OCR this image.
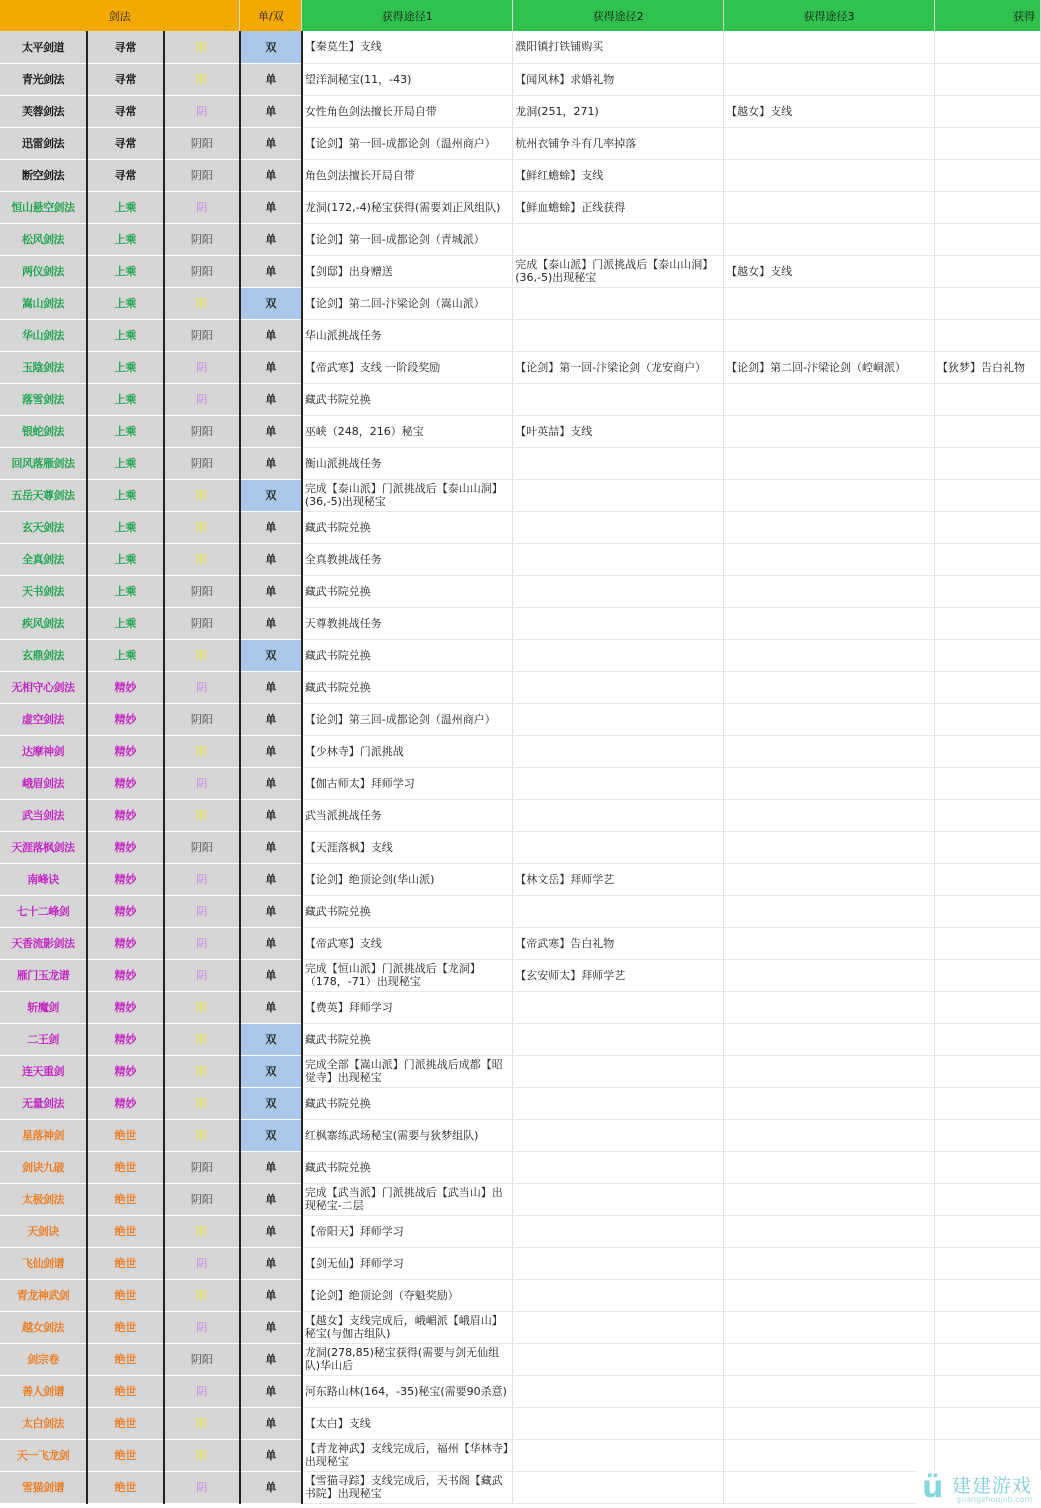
剑法			单/双	获得途径1	获得途径2	获得途径3	获得
太平剑道	寻常	阳	双	【秦莫生】支线	濮阳镇打铁铺购买		
青光剑法	寻常	阳	单	望洋洞秘宝(11，-43)	【闻风林】求婚礼物		
芙蓉剑法	寻常	阴	单	女性角色剑法擅长开局自带	龙洞(251，271)	【越女】支线	
迅雷剑法	寻常	阴阳	单	【论剑】第一回-成都论剑（温州商户）	杭州衣铺争斗有几率掉落		
断空剑法	寻常	阴阳	单	角色剑法擅长开局自带	【鲜红蟾蜍】支线		
恒山悬空剑法	上乘	阴	单	龙洞(172,-4)秘宝获得(需要刘正风组队)	【鲜血蟾蜍】正线获得		
松风剑法	上乘	阴阳	单	【论剑】第一回-成都论剑（青城派）			
两仪剑法	上乘	阴阳	单	【剑邸】出身赠送	完成【泰山派】门派挑战后【泰山山洞】(36,-5)出现秘宝	【越女】支线	
嵩山剑法	上乘	阳	双	【论剑】第二回-汴梁论剑（嵩山派）			
华山剑法	上乘	阴阳	单	华山派挑战任务			
玉陰剑法	上乘	阴	单	【帝武寒】支线 一阶段奖励	【论剑】第一回-汴梁论剑（龙安商户）	【论剑】第二回-汴梁论剑（崆峒派）	【狄梦】告白礼物
落雪剑法	上乘	阴	单	藏武书院兑换			
银蛇剑法	上乘	阴阳	单	巫峡（248，216）秘宝	【叶英喆】支线		
回风落雁剑法	上乘	阴阳	单	衡山派挑战任务			
五岳天尊剑法	上乘	阳	双	完成【泰山派】门派挑战后【泰山山洞】(36,-5)出现秘宝			
玄天剑法	上乘	阳	单	藏武书院兑换			
全真剑法	上乘	阳	单	全真教挑战任务			
天书剑法	上乘	阴阳	单	藏武书院兑换			
疾风剑法	上乘	阴阳	单	天尊教挑战任务			
玄鼎剑法	上乘	阳	双	藏武书院兑换			
无相守心剑法	精妙	阴	单	藏武书院兑换			
虚空剑法	精妙	阴阳	单	【论剑】第三回-成都论剑（温州商户）			
达摩神剑	精妙	阳	单	【少林寺】门派挑战			
峨眉剑法	精妙	阴	单	【伽古师太】拜师学习			
武当剑法	精妙	阳	单	武当派挑战任务			
天涯落枫剑法	精妙	阴阳	单	【天涯落枫】支线			
南峰诀	精妙	阴	单	【论剑】绝顶论剑(华山派)	【林文岳】拜师学艺		
七十二峰剑	精妙	阴	单	藏武书院兑换			
天香流影剑法	精妙	阴	单	【帝武寒】支线	【帝武寒】告白礼物		
雁门玉龙谱	精妙	阴	单	完成【恒山派】门派挑战后【龙洞】（178，-71）出现秘宝	【玄安师太】拜师学艺		
斩魔剑	精妙	阳	单	【费英】拜师学习			
二王剑	精妙	阳	双	藏武书院兑换			
连天重剑	精妙	阳	双	完成全部【嵩山派】门派挑战后成都【昭觉寺】出现秘宝			
无量剑法	精妙	阳	双	藏武书院兑换			
星落神剑	绝世	阳	双	红枫寨练武场秘宝(需要与狄梦组队)			
剑诀九破	绝世	阴阳	单	藏武书院兑换			
太极剑法	绝世	阴阳	单	完成【武当派】门派挑战后【武当山】出现秘宝-二层			
天剑诀	绝世	阳	单	【帝阳天】拜师学习			
飞仙剑谱	绝世	阴	单	【剑无仙】拜师学习			
青龙神武剑	绝世	阳	单	【论剑】绝顶论剑（夺魁奖励）			
越女剑法	绝世	阴	单	【越女】支线完成后，峨嵋派【峨眉山】秘宝(与伽古组队)			
剑宗卷	绝世	阴阳	单	龙洞(278,85)秘宝获得(需要与剑无仙组队)华山后			
善人剑谱	绝世	阴	单	河东路山林(164，-35)秘宝(需要90杀意)			
太白剑法	绝世	阳	单	【太白】支线			
天一飞龙剑	绝世	阳	单	【青龙神武】支线完成后，福州【华林寺】出现秘宝			
雪猫剑谱	绝世	阴	单	【雪猫寻踪】支线完成后，天书阁【藏武书院】出现秘宝				ü 建建游戏
guangzhoujob.com
